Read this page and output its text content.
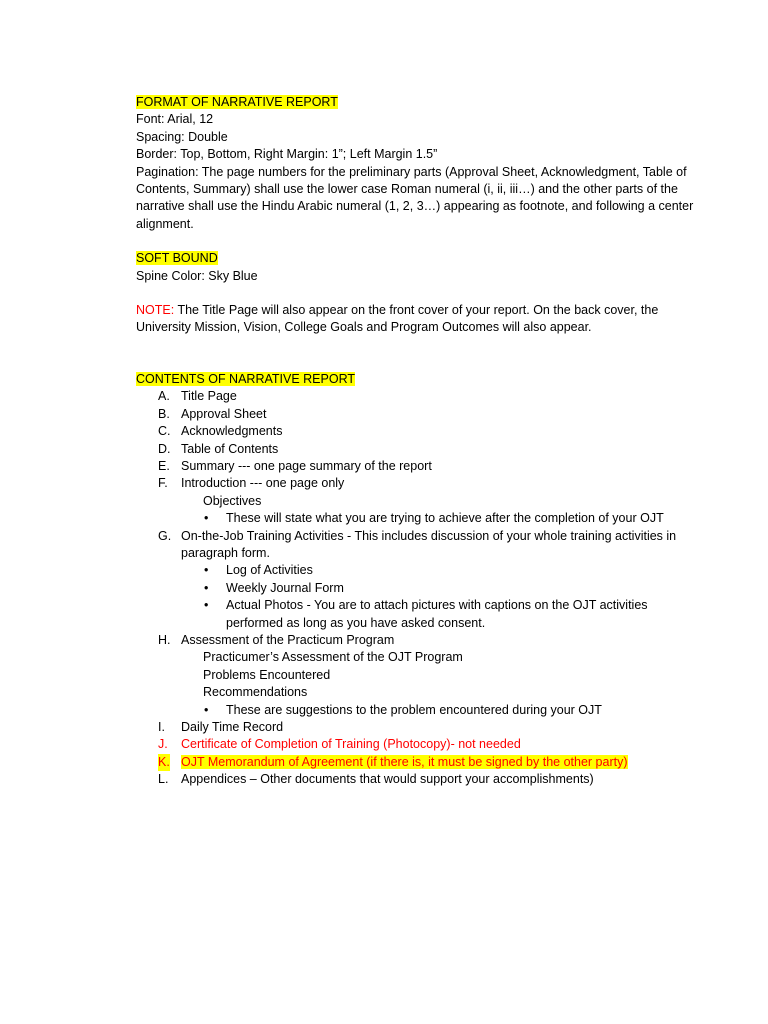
FORMAT OF NARRATIVE REPORT

Font: Arial, 12

Spacing: Double

Border: Top, Bottom, Right Margin: 1”; Left Margin 1.5”

Pagination: The page numbers for the preliminary parts (Approval Sheet, Acknowledgment, Table of Contents, Summary) shall use the lower case Roman numeral (i, ii, iii…) and the other parts of the narrative shall use the Hindu Arabic numeral (1, 2, 3…) appearing as footnote, and following a center alignment.

SOFT BOUND

Spine Color: Sky Blue

NOTE: The Title Page will also appear on the front cover of your report. On the back cover, the University Mission, Vision, College Goals and Program Outcomes will also appear.

CONTENTS OF NARRATIVE REPORT

A. Title Page
B. Approval Sheet
C. Acknowledgments
D. Table of Contents
E. Summary --- one page summary of the report
F. Introduction --- one page only

Objectives

• These will state what you are trying to achieve after the completion of your OJT

G. On-the-Job Training Activities - This includes discussion of your whole training activities in paragraph form.

• Log of Activities

• Weekly Journal Form

• Actual Photos - You are to attach pictures with captions on the OJT activities performed as long as you have asked consent.

H. Assessment of the Practicum Program

Practicumer’s Assessment of the OJT Program

Problems Encountered

Recommendations

• These are suggestions to the problem encountered during your OJT

I. Daily Time Record
J. Certificate of Completion of Training (Photocopy)- not needed
K. OJT Memorandum of Agreement (if there is, it must be signed by the other party)
L. Appendices – Other documents that would support your accomplishments)
